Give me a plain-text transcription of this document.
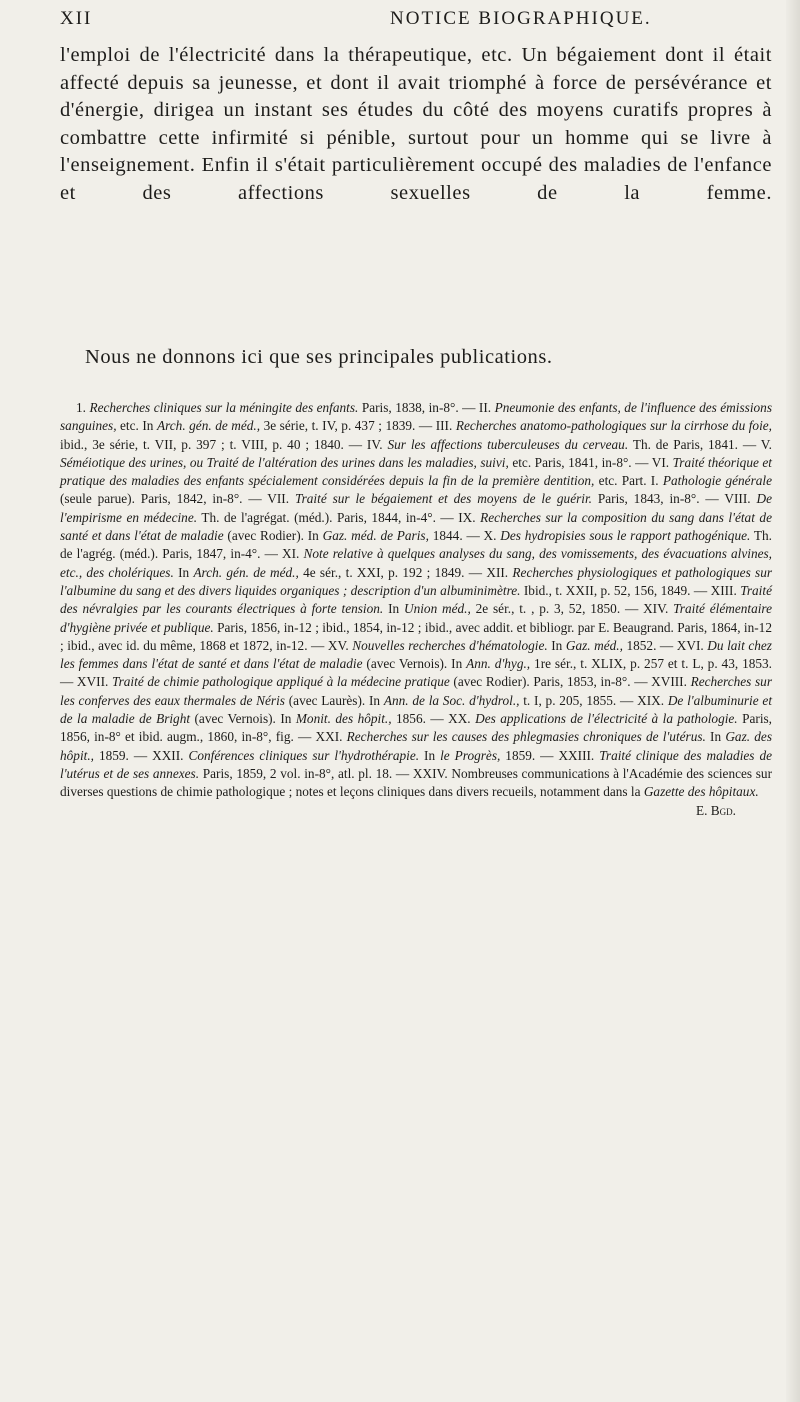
XII	NOTICE BIOGRAPHIQUE.
l'emploi de l'électricité dans la thérapeutique, etc. Un bégaiement dont il était affecté depuis sa jeunesse, et dont il avait triomphé à force de persévérance et d'énergie, dirigea un instant ses études du côté des moyens curatifs propres à combattre cette infirmité si pénible, surtout pour un homme qui se livre à l'enseignement. Enfin il s'était particulièrement occupé des maladies de l'enfance et des affections sexuelles de la femme.
Nous ne donnons ici que ses principales publications.

1. Recherches cliniques sur la méningite des enfants. Paris, 1838, in-8°. — II. Pneumonie des enfants, de l'influence des émissions sanguines, etc. In Arch. gén. de méd., 3e série, t. IV, p. 437 ; 1839. — III. Recherches anatomo-pathologiques sur la cirrhose du foie, ibid., 3e série, t. VII, p. 397 ; t. VIII, p. 40 ; 1840. — IV. Sur les affections tuberculeuses du cerveau. Th. de Paris, 1841. — V. Séméiotique des urines, ou Traité de l'altération des urines dans les maladies, suivi, etc. Paris, 1841, in-8°. — VI. Traité théorique et pratique des maladies des enfants spécialement considérées depuis la fin de la première dentition, etc. Part. I. Pathologie générale (seule parue). Paris, 1842, in-8°. — VII. Traité sur le bégaiement et des moyens de le guérir. Paris, 1843, in-8°. — VIII. De l'empirisme en médecine. Th. de l'agrégat. (méd.). Paris, 1844, in-4°. — IX. Recherches sur la composition du sang dans l'état de santé et dans l'état de maladie (avec Rodier). In Gaz. méd. de Paris, 1844. — X. Des hydropisies sous le rapport pathogénique. Th. de l'agrég. (méd.). Paris, 1847, in-4°. — XI. Note relative à quelques analyses du sang, des vomissements, des évacuations alvines, etc., des cholériques. In Arch. gén. de méd., 4e sér., t. XXI, p. 192 ; 1849. — XII. Recherches physiologiques et pathologiques sur l'albumine du sang et des divers liquides organiques ; description d'un albuminimètre. Ibid., t. XXII, p. 52, 156, 1849. — XIII. Traité des névralgies par les courants électriques à forte tension. In Union méd., 2e sér., t. , p. 3, 52, 1850. — XIV. Traité élémentaire d'hygiène privée et publique. Paris, 1856, in-12 ; ibid., 1854, in-12 ; ibid., avec addit. et bibliogr. par E. Beaugrand. Paris, 1864, in-12 ; ibid., avec id. du même, 1868 et 1872, in-12. — XV. Nouvelles recherches d'hématologie. In Gaz. méd., 1852. — XVI. Du lait chez les femmes dans l'état de santé et dans l'état de maladie (avec Vernois). In Ann. d'hyg., 1re sér., t. XLIX, p. 257 et t. L, p. 43, 1853. — XVII. Traité de chimie pathologique appliqué à la médecine pratique (avec Rodier). Paris, 1853, in-8°. — XVIII. Recherches sur les conferves des eaux thermales de Néris (avec Laurès). In Ann. de la Soc. d'hydrol., t. I, p. 205, 1855. — XIX. De l'albuminurie et de la maladie de Bright (avec Vernois). In Monit. des hôpit., 1856. — XX. Des applications de l'électricité à la pathologie. Paris, 1856, in-8° et ibid. augm., 1860, in-8°, fig. — XXI. Recherches sur les causes des phlegmasies chroniques de l'utérus. In Gaz. des hôpit., 1859. — XXII. Conférences cliniques sur l'hydrothérapie. In le Progrès, 1859. — XXIII. Traité clinique des maladies de l'utérus et de ses annexes. Paris, 1859, 2 vol. in-8°, atl. pl. 18. — XXIV. Nombreuses communications à l'Académie des sciences sur diverses questions de chimie pathologique ; notes et leçons cliniques dans divers recueils, notamment dans la Gazette des hôpitaux.
E. Bgd.
